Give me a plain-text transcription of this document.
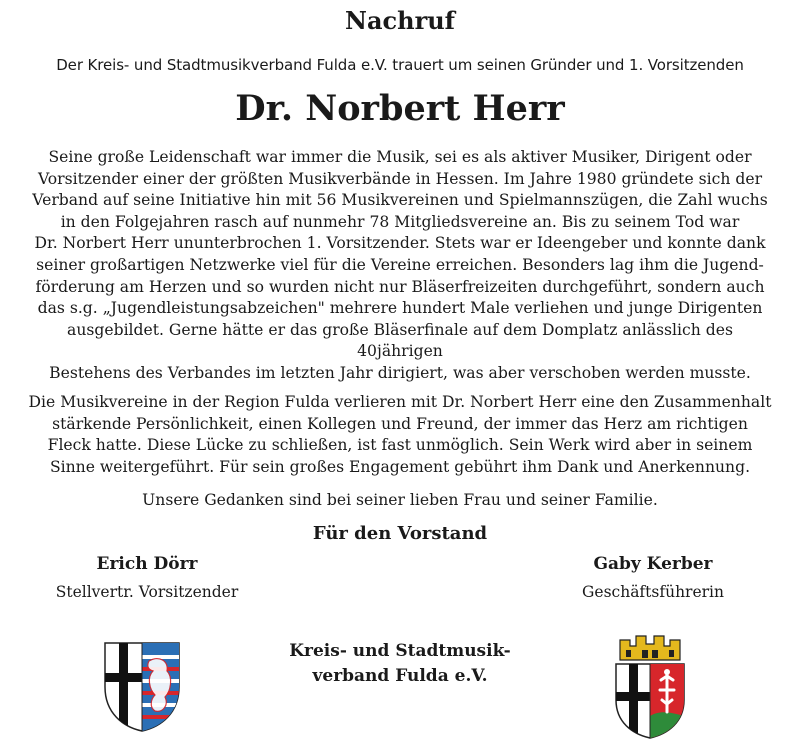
Nachruf
Der Kreis- und Stadtmusikverband Fulda e.V. trauert um seinen Gründer und 1. Vorsitzenden
Dr. Norbert Herr

Seine große Leidenschaft war immer die Musik, sei es als aktiver Musiker, Dirigent oder
Vorsitzender einer der größten Musikverbände in Hessen. Im Jahre 1980 gründete sich der
Verband auf seine Initiative hin mit 56 Musikvereinen und Spielmannszügen, die Zahl wuchs
in den Folgejahren rasch auf nunmehr 78 Mitgliedsvereine an. Bis zu seinem Tod war
Dr. Norbert Herr ununterbrochen 1. Vorsitzender. Stets war er Ideengeber und konnte dank
seiner großartigen Netzwerke viel für die Vereine erreichen. Besonders lag ihm die Jugend-
förderung am Herzen und so wurden nicht nur Bläserfreizeiten durchgeführt, sondern auch
das s.g. „Jugendleistungsabzeichen" mehrere hundert Male verliehen und junge Dirigenten
ausgebildet. Gerne hätte er das große Bläserfinale auf dem Domplatz anlässlich des 40jährigen
Bestehens des Verbandes im letzten Jahr dirigiert, was aber verschoben werden musste.

Die Musikvereine in der Region Fulda verlieren mit Dr. Norbert Herr eine den Zusammenhalt
stärkende Persönlichkeit, einen Kollegen und Freund, der immer das Herz am richtigen
Fleck hatte. Diese Lücke zu schließen, ist fast unmöglich. Sein Werk wird aber in seinem
Sinne weitergeführt. Für sein großes Engagement gebührt ihm Dank und Anerkennung.

Unsere Gedanken sind bei seiner lieben Frau und seiner Familie.

Für den Vorstand
Erich Dörr
Stellvertr. Vorsitzender
Gaby Kerber
Geschäftsführerin
Kreis- und Stadtmusik-
verband Fulda e.V.
